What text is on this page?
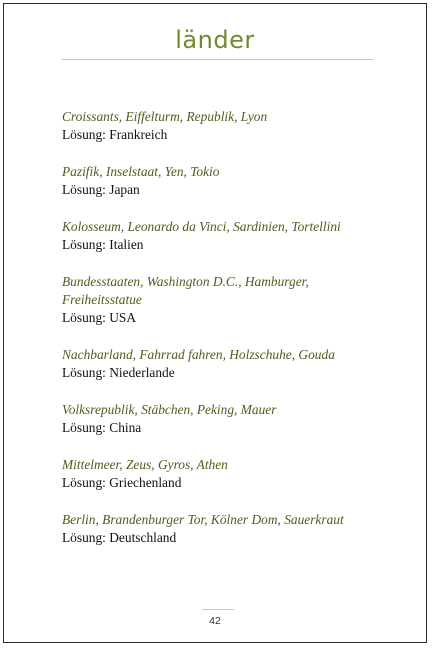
länder
Croissants, Eiffelturm, Republik, Lyon
Lösung: Frankreich
Pazifik, Inselstaat, Yen, Tokio
Lösung: Japan
Kolosseum, Leonardo da Vinci, Sardinien, Tortellini
Lösung: Italien
Bundesstaaten, Washington D.C., Hamburger, Freiheitsstatue
Lösung: USA
Nachbarland, Fahrrad fahren, Holzschuhe, Gouda
Lösung: Niederlande
Volksrepublik, Stäbchen, Peking, Mauer
Lösung: China
Mittelmeer, Zeus, Gyros, Athen
Lösung: Griechenland
Berlin, Brandenburger Tor, Kölner Dom, Sauerkraut
Lösung: Deutschland
42
